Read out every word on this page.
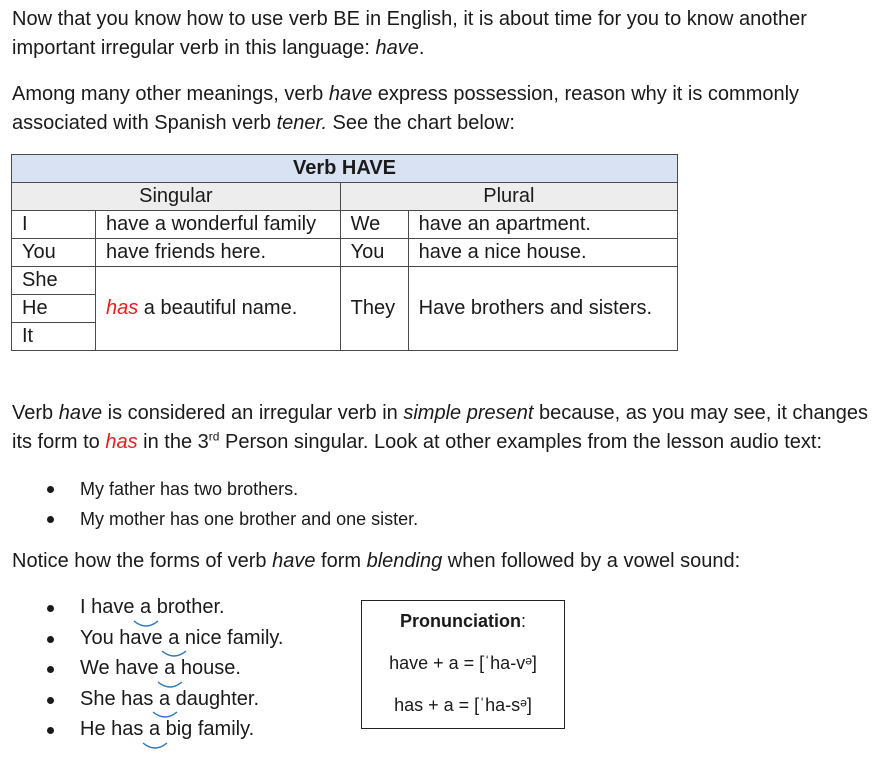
Now that you know how to use verb BE in English, it is about time for you to know another
important irregular verb in this language: have.

Among many other meanings, verb have express possession, reason why it is commonly
associated with Spanish verb tener. See the chart below:

Verb HAVE			
Singular		Plural	
I	have a wonderful family	We	have an apartment.
You	have friends here.	You	have a nice house.
She	has a beautiful name.	They	Have brothers and sisters.
He			
It			

Verb have is considered an irregular verb in simple present because, as you may see, it changes
its form to has in the 3rd Person singular. Look at other examples from the lesson audio text:

My father has two brothers.
My mother has one brother and one sister.

Notice how the forms of verb have form blending when followed by a vowel sound:

I have a
brother.
You have a
nice family.
We have a
house.
She has a
daughter.
He has a
big family.
Pronunciation:
have + a = [ˈha-vᵊ]
has + a = [ˈha-sᵊ]
